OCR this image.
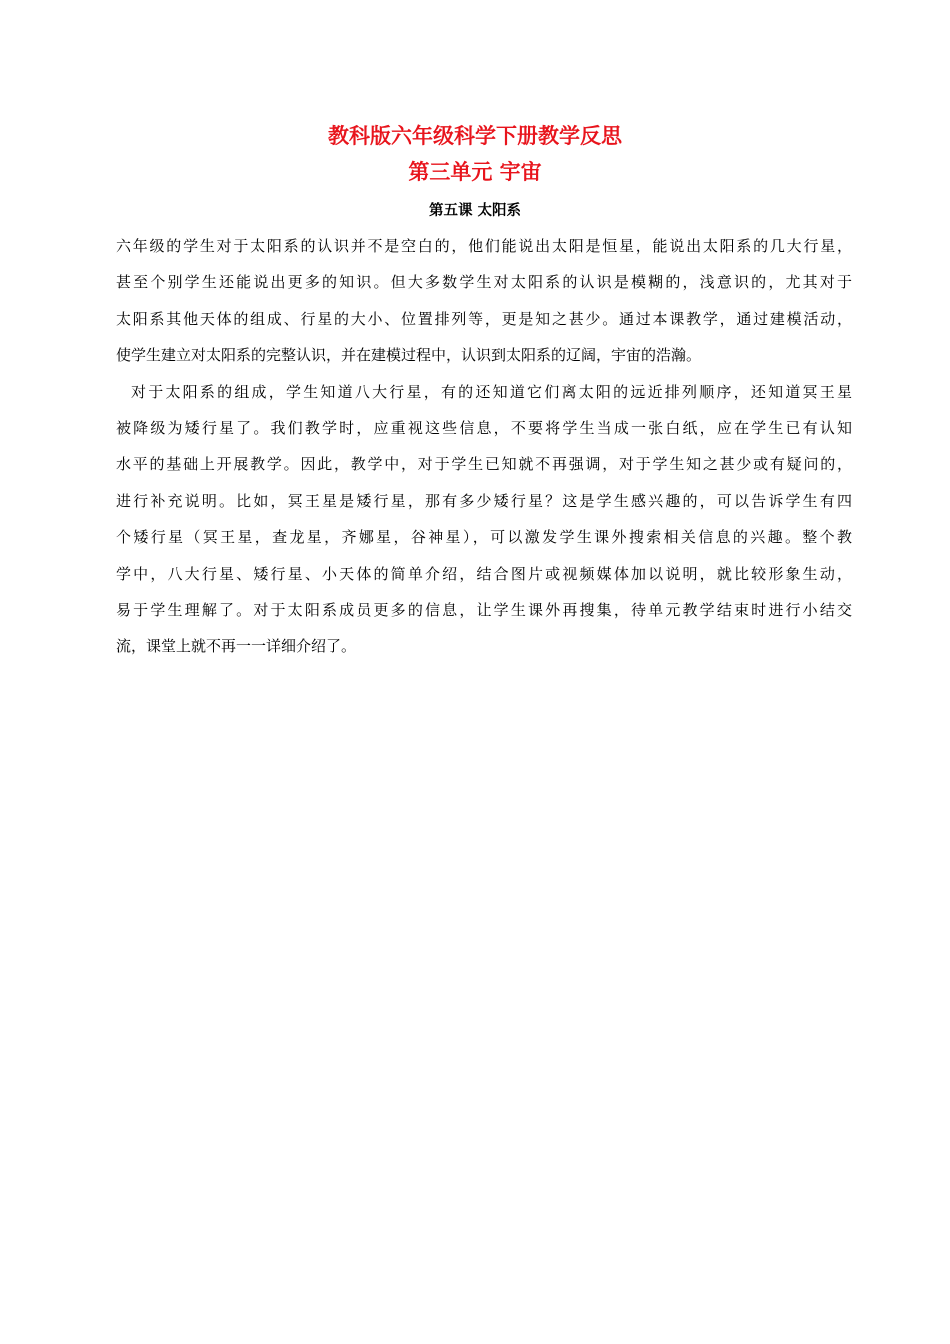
教科版六年级科学下册教学反思
第三单元 宇宙
第五课 太阳系
六年级的学生对于太阳系的认识并不是空白的，他们能说出太阳是恒星，能说出太阳系的几大行星，
甚至个别学生还能说出更多的知识。但大多数学生对太阳系的认识是模糊的，浅意识的，尤其对于
太阳系其他天体的组成、行星的大小、位置排列等，更是知之甚少。通过本课教学，通过建模活动，
使学生建立对太阳系的完整认识，并在建模过程中，认识到太阳系的辽阔，宇宙的浩瀚。
对于太阳系的组成，学生知道八大行星，有的还知道它们离太阳的远近排列顺序，还知道冥王星
被降级为矮行星了。我们教学时，应重视这些信息，不要将学生当成一张白纸，应在学生已有认知
水平的基础上开展教学。因此，教学中，对于学生已知就不再强调，对于学生知之甚少或有疑问的，
进行补充说明。比如，冥王星是矮行星，那有多少矮行星？这是学生感兴趣的，可以告诉学生有四
个矮行星（冥王星，查龙星，齐娜星，谷神星），可以激发学生课外搜索相关信息的兴趣。整个教
学中，八大行星、矮行星、小天体的简单介绍，结合图片或视频媒体加以说明，就比较形象生动，
易于学生理解了。对于太阳系成员更多的信息，让学生课外再搜集，待单元教学结束时进行小结交
流，课堂上就不再一一详细介绍了。
